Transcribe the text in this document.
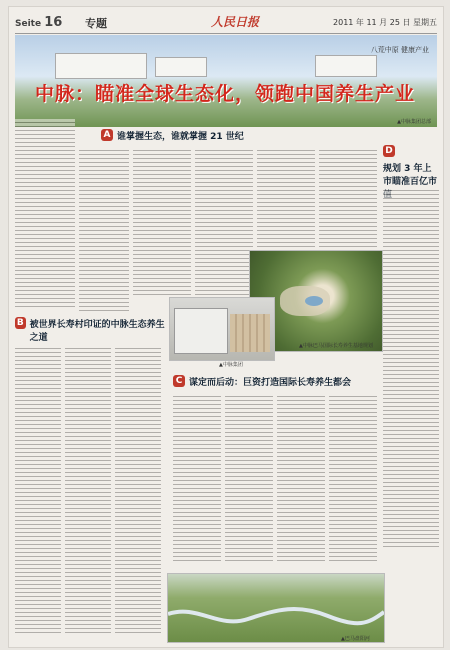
Seite 16 专题	人民日报	2011 年 11 月 25 日 星期五
八荒中原 健康产业
中脉：瞄准全球生态化，领跑中国养生产业
▲中脉集团总部
A 谁掌握生态，谁就掌握 21 世纪
D
规划 3 年上市瞄准百亿市
▲中脉巴马国际长寿养生基地规划
▲中脉集团
B 被世界长寿村印证的中脉生态养生之道
C 谋定而后动：巨资打造国际长寿养生都会
▲巴马盘阳河
